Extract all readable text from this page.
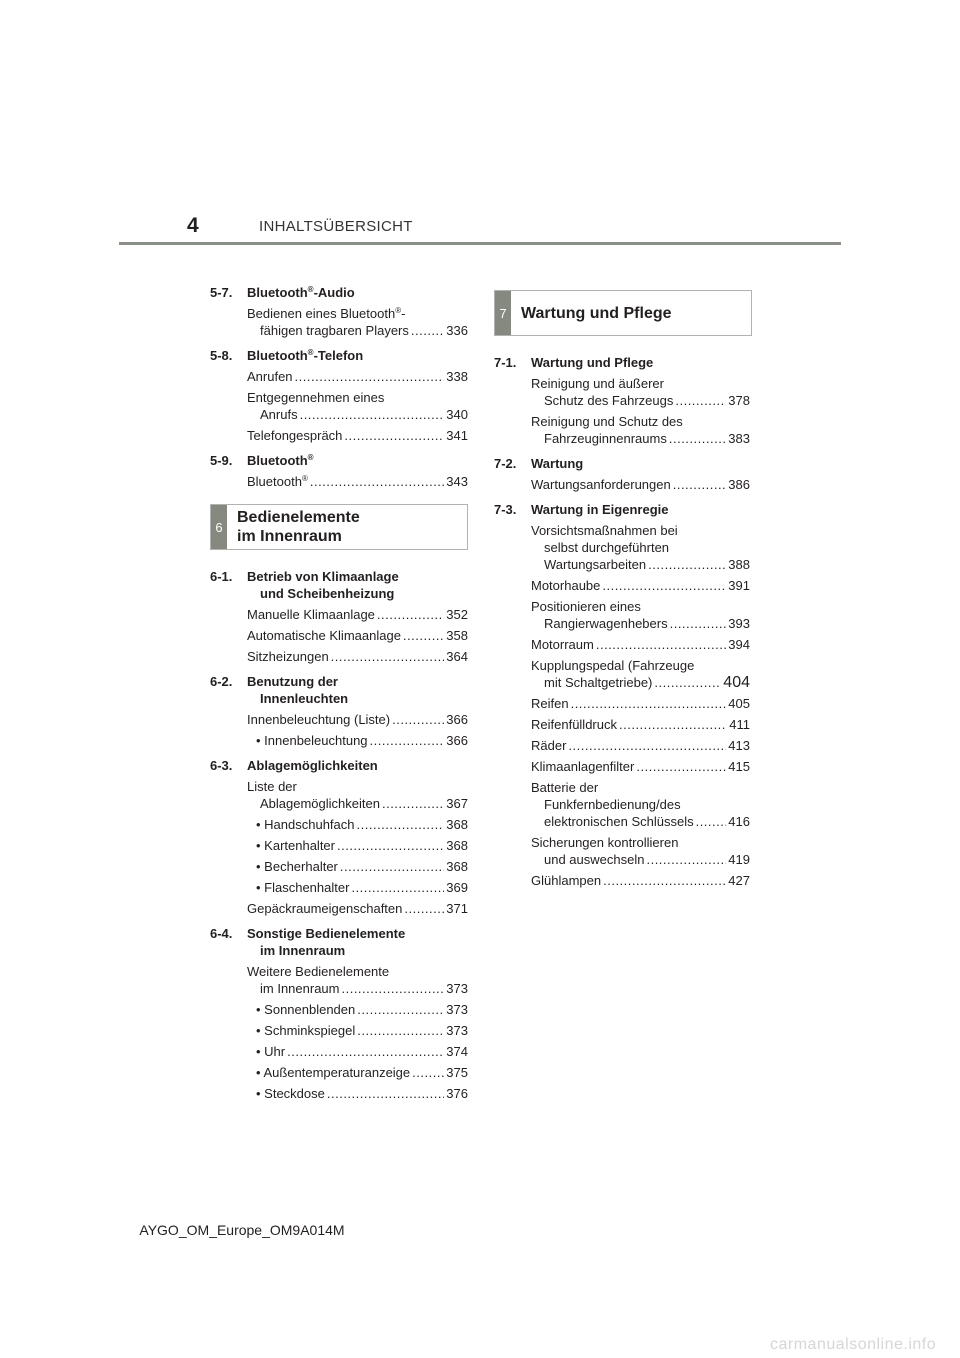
4	INHALTSÜBERSICHT
5-7.	Bluetooth®-Audio
Bedienen eines Bluetooth®-
fähigen tragbaren Players .....	336
5-8.	Bluetooth®-Telefon
Anrufen .....	338
Entgegennehmen eines
Anrufs .....	340
Telefongespräch .....	341
5-9.	Bluetooth®
Bluetooth® .....	343
6
Bedienelemente
im Innenraum
6-1.	Betrieb von Klimaanlage
und Scheibenheizung
Manuelle Klimaanlage .....	352
Automatische Klimaanlage .....	358
Sitzheizungen .....	364
6-2.	Benutzung der
Innenleuchten
Innenbeleuchtung (Liste) .....	366
• Innenbeleuchtung .....	366
6-3.	Ablagemöglichkeiten
Liste der
Ablagemöglichkeiten .....	367
• Handschuhfach .....	368
• Kartenhalter .....	368
• Becherhalter .....	368
• Flaschenhalter .....	369
Gepäckraumeigenschaften .....	371
6-4.	Sonstige Bedienelemente
im Innenraum
Weitere Bedienelemente
im Innenraum .....	373
• Sonnenblenden .....	373
• Schminkspiegel .....	373
• Uhr .....	374
• Außentemperaturanzeige .....	375
• Steckdose .....	376
7 Wartung und Pflege
7-1.	Wartung und Pflege
Reinigung und äußerer
Schutz des Fahrzeugs .....	378
Reinigung und Schutz des
Fahrzeuginnenraums .....	383
7-2.	Wartung
Wartungsanforderungen .....	386
7-3.	Wartung in Eigenregie
Vorsichtsmaßnahmen bei
selbst durchgeführten
Wartungsarbeiten .....	388
Motorhaube .....	391
Positionieren eines
Rangierwagenhebers .....	393
Motorraum .....	394
Kupplungspedal (Fahrzeuge
mit Schaltgetriebe) .....	404
Reifen .....	405
Reifenfülldruck .....	411
Räder .....	413
Klimaanlagenfilter .....	415
Batterie der
Funkfernbedienung/des
elektronischen Schlüssels .....	416
Sicherungen kontrollieren
und auswechseln .....	419
Glühlampen .....	427
AYGO_OM_Europe_OM9A014M
carmanualsonline.info
